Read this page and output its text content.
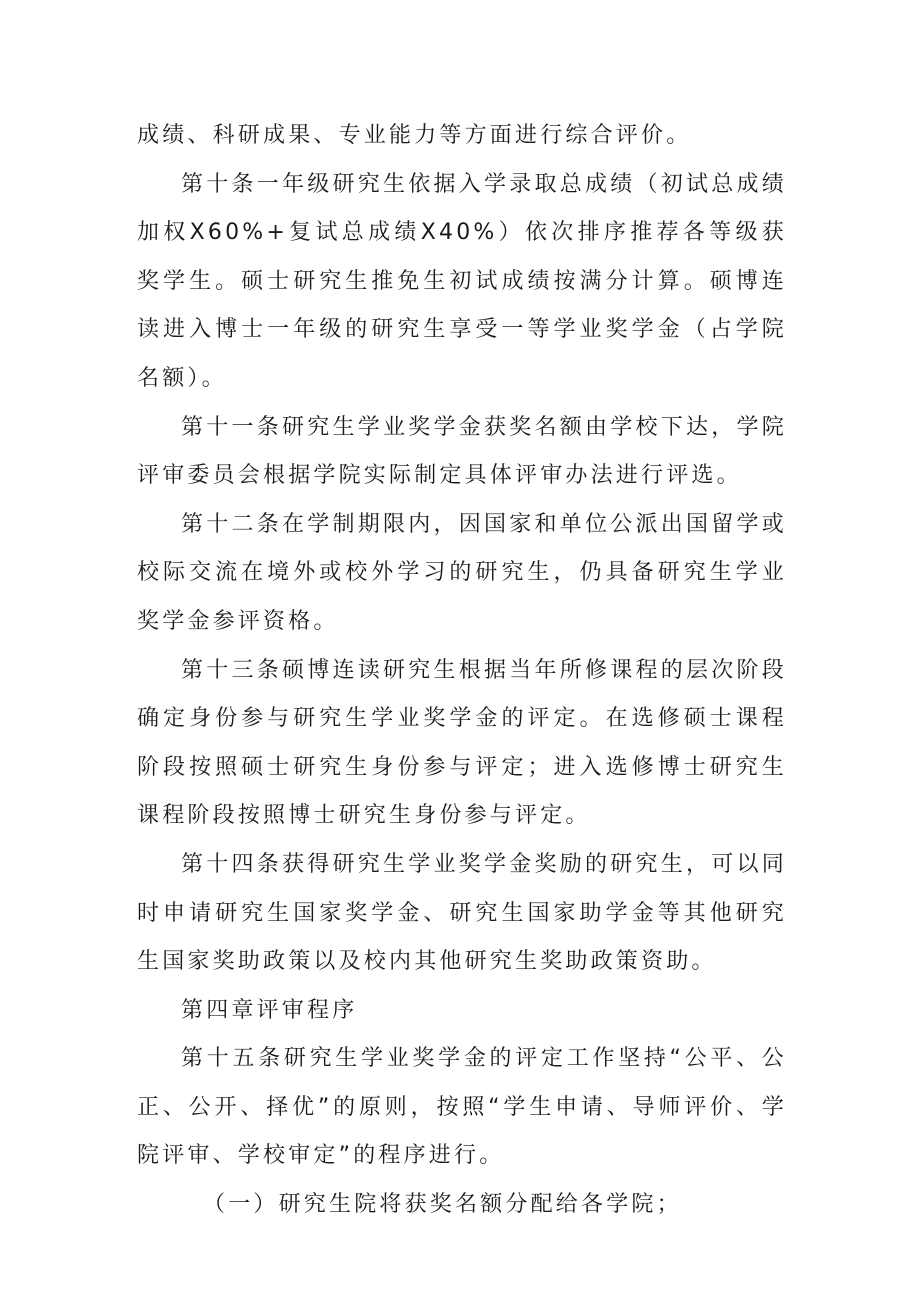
成绩、科研成果、专业能力等方面进行综合评价。

第十条一年级研究生依据入学录取总成绩（初试总成绩加权X60%+复试总成绩X40%）依次排序推荐各等级获奖学生。硕士研究生推免生初试成绩按满分计算。硕博连读进入博士一年级的研究生享受一等学业奖学金（占学院名额）。

第十一条研究生学业奖学金获奖名额由学校下达，学院评审委员会根据学院实际制定具体评审办法进行评选。

第十二条在学制期限内，因国家和单位公派出国留学或校际交流在境外或校外学习的研究生，仍具备研究生学业奖学金参评资格。

第十三条硕博连读研究生根据当年所修课程的层次阶段确定身份参与研究生学业奖学金的评定。在选修硕士课程阶段按照硕士研究生身份参与评定；进入选修博士研究生课程阶段按照博士研究生身份参与评定。

第十四条获得研究生学业奖学金奖励的研究生，可以同时申请研究生国家奖学金、研究生国家助学金等其他研究生国家奖助政策以及校内其他研究生奖助政策资助。

第四章评审程序

第十五条研究生学业奖学金的评定工作坚持“公平、公正、公开、择优”的原则，按照“学生申请、导师评价、学院评审、学校审定”的程序进行。

（一）研究生院将获奖名额分配给各学院；
